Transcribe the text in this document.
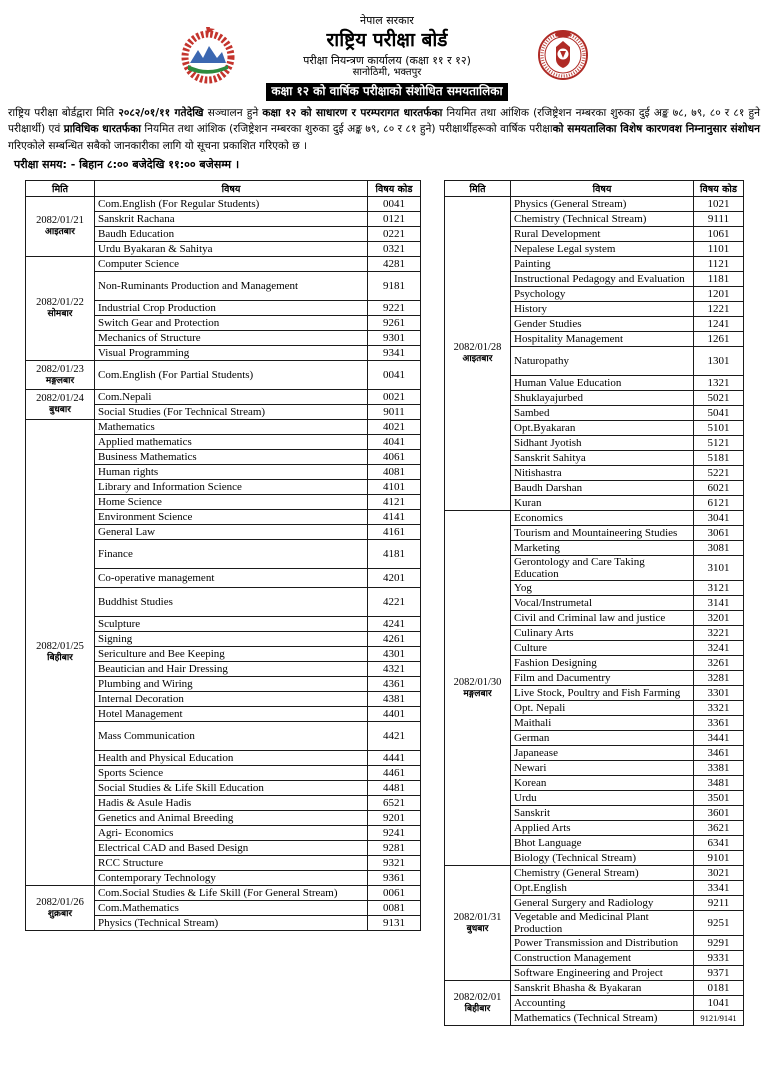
नेपाल सरकार
राष्ट्रिय परीक्षा बोर्ड
परीक्षा नियन्त्रण कार्यालय (कक्षा ११ र १२)
सानोठिमी, भक्तपुर
कक्षा १२ को वार्षिक परीक्षाको संशोधित समयतालिका

राष्ट्रिय परीक्षा बोर्डद्वारा मिति २०८२/०१/११ गतेदेखि सञ्चालन हुने कक्षा १२ को साधारण र परम्परागत धारतर्फका नियमित तथा आंशिक (रजिष्ट्रेशन नम्बरका शुरुका दुई अङ्क ७८, ७९, ८० र ८१ हुने परीक्षार्थी) एवं प्राविधिक धारतर्फका नियमित तथा आंशिक (रजिष्ट्रेशन नम्बरका शुरुका दुई अङ्क ७९, ८० र ८१ हुने) परीक्षार्थीहरूको वार्षिक परीक्षाको समयतालिका विशेष कारणवश निम्नानुसार संशोधन गरिएकोले सम्बन्धित सबैको जानकारीका लागि यो सूचना प्रकाशित गरिएको छ ।

परीक्षा समय: - बिहान ८:०० बजेदेखि ११:०० बजेसम्म ।
मिति	विषय	विषय कोड

2082/01/21
आइतबार	Com.English (For Regular Students)	0041
	Sanskrit Rachana	0121
	Baudh Education	0221
	Urdu Byakaran & Sahitya	0321

2082/01/22
सोमबार	Computer Science	4281
	Non-Ruminants Production and Management	9181
	Industrial Crop Production	9221
	Switch Gear and Protection	9261
	Mechanics of Structure	9301
	Visual Programming	9341

2082/01/23
मङ्गलबार	Com.English (For Partial Students)	0041

2082/01/24
बुधबार	Com.Nepali	0021
	Social Studies (For Technical Stream)	9011

2082/01/25
बिहीबार	Mathematics	4021
	Applied mathematics	4041
	Business Mathematics	4061
	Human rights	4081
	Library and Information Science	4101
	Home Science	4121
	Environment Science	4141
	General Law	4161
	Finance	4181
	Co-operative management	4201
	Buddhist Studies	4221
	Sculpture	4241
	Signing	4261
	Sericulture and Bee Keeping	4301
	Beautician and Hair Dressing	4321
	Plumbing and Wiring	4361
	Internal Decoration	4381
	Hotel Management	4401
	Mass Communication	4421
	Health and Physical Education	4441
	Sports Science	4461
	Social Studies & Life Skill Education	4481
	Hadis & Asule Hadis	6521
	Genetics and Animal Breeding	9201
	Agri- Economics	9241
	Electrical CAD and Based Design	9281
	RCC Structure	9321
	Contemporary Technology	9361

2082/01/26
शुक्रबार	Com.Social Studies & Life Skill (For General Stream)	0061
	Com.Mathematics	0081
	Physics (Technical Stream)	9131
मिति	विषय	विषय कोड

2082/01/28
आइतबार	Physics (General Stream)	1021
	Chemistry (Technical Stream)	9111
	Rural Development	1061
	Nepalese Legal system	1101
	Painting	1121
	Instructional Pedagogy and Evaluation	1181
	Psychology	1201
	History	1221
	Gender Studies	1241
	Hospitality Management	1261
	Naturopathy	1301
	Human Value Education	1321
	Shuklayajurbed	5021
	Sambed	5041
	Opt.Byakaran	5101
	Sidhant Jyotish	5121
	Sanskrit Sahitya	5181
	Nitishastra	5221
	Baudh Darshan	6021
	Kuran	6121

2082/01/30
मङ्गलबार	Economics	3041
	Tourism and Mountaineering Studies	3061
	Marketing	3081
	Gerontology and Care Taking Education	3101
	Yog	3121
	Vocal/Instrumetal	3141
	Civil and Criminal law and justice	3201
	Culinary Arts	3221
	Culture	3241
	Fashion Designing	3261
	Film and Dacumentry	3281
	Live Stock, Poultry and Fish Farming	3301
	Opt. Nepali	3321
	Maithali	3361
	German	3441
	Japanease	3461
	Newari	3381
	Korean	3481
	Urdu	3501
	Sanskrit	3601
	Applied Arts	3621
	Bhot Language	6341
	Biology (Technical Stream)	9101

2082/01/31
बुधबार	Chemistry (General Stream)	3021
	Opt.English	3341
	General Surgery and Radiology	9211
	Vegetable and Medicinal Plant Production	9251
	Power Transmission and Distribution	9291
	Construction Management	9331
	Software Engineering and Project	9371

2082/02/01
बिहीबार	Sanskrit Bhasha & Byakaran	0181
	Accounting	1041
	Mathematics (Technical Stream)	9121/9141
